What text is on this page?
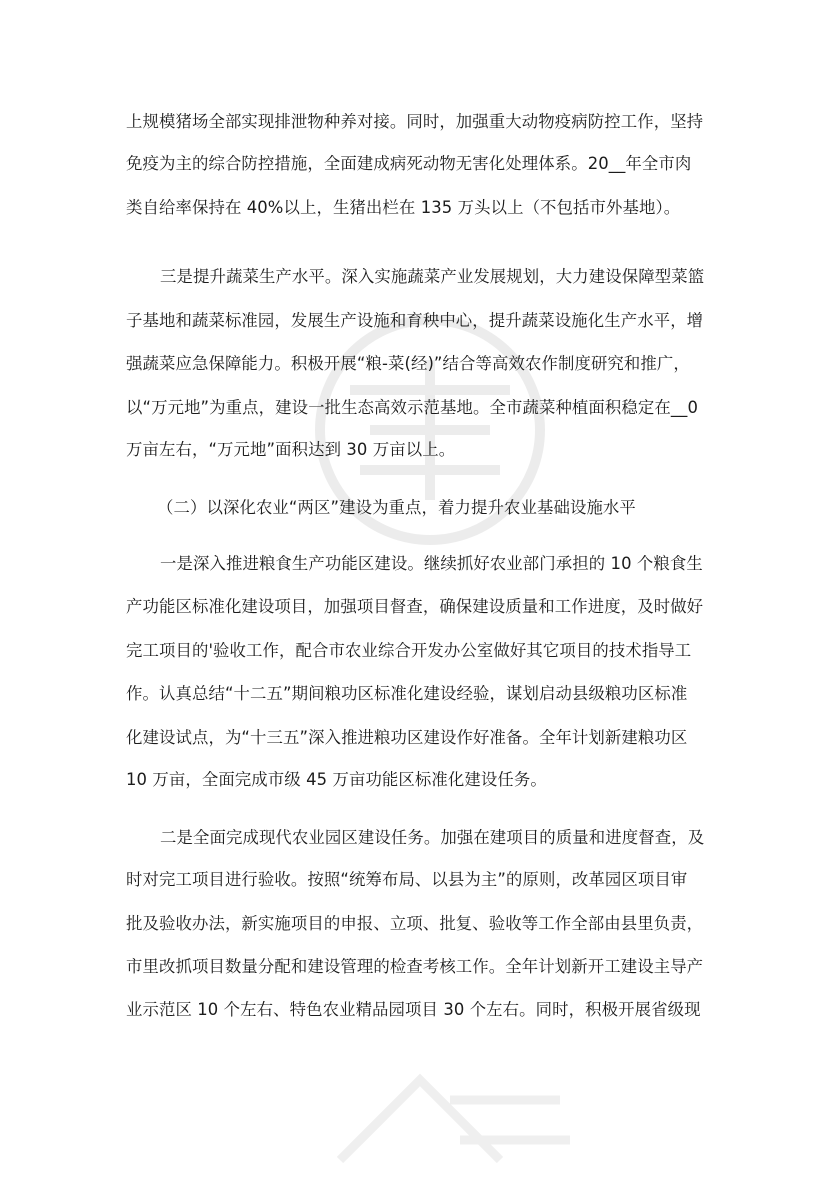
上规模猪场全部实现排泄物种养对接。同时，加强重大动物疫病防控工作，坚持
免疫为主的综合防控措施，全面建成病死动物无害化处理体系。20__年全市肉
类自给率保持在 40%以上，生猪出栏在 135 万头以上（不包括市外基地）。
三是提升蔬菜生产水平。深入实施蔬菜产业发展规划，大力建设保障型菜篮
子基地和蔬菜标准园，发展生产设施和育秧中心，提升蔬菜设施化生产水平，增
强蔬菜应急保障能力。积极开展“粮-菜(经)”结合等高效农作制度研究和推广，
以“万元地”为重点，建设一批生态高效示范基地。全市蔬菜种植面积稳定在__0
万亩左右，“万元地”面积达到 30 万亩以上。
（二）以深化农业“两区”建设为重点，着力提升农业基础设施水平
一是深入推进粮食生产功能区建设。继续抓好农业部门承担的 10 个粮食生
产功能区标准化建设项目，加强项目督查，确保建设质量和工作进度，及时做好
完工项目的'验收工作，配合市农业综合开发办公室做好其它项目的技术指导工
作。认真总结“十二五”期间粮功区标准化建设经验，谋划启动县级粮功区标准
化建设试点，为“十三五”深入推进粮功区建设作好准备。全年计划新建粮功区
10 万亩，全面完成市级 45 万亩功能区标准化建设任务。
二是全面完成现代农业园区建设任务。加强在建项目的质量和进度督查，及
时对完工项目进行验收。按照“统筹布局、以县为主”的原则，改革园区项目审
批及验收办法，新实施项目的申报、立项、批复、验收等工作全部由县里负责，
市里改抓项目数量分配和建设管理的检查考核工作。全年计划新开工建设主导产
业示范区 10 个左右、特色农业精品园项目 30 个左右。同时，积极开展省级现
